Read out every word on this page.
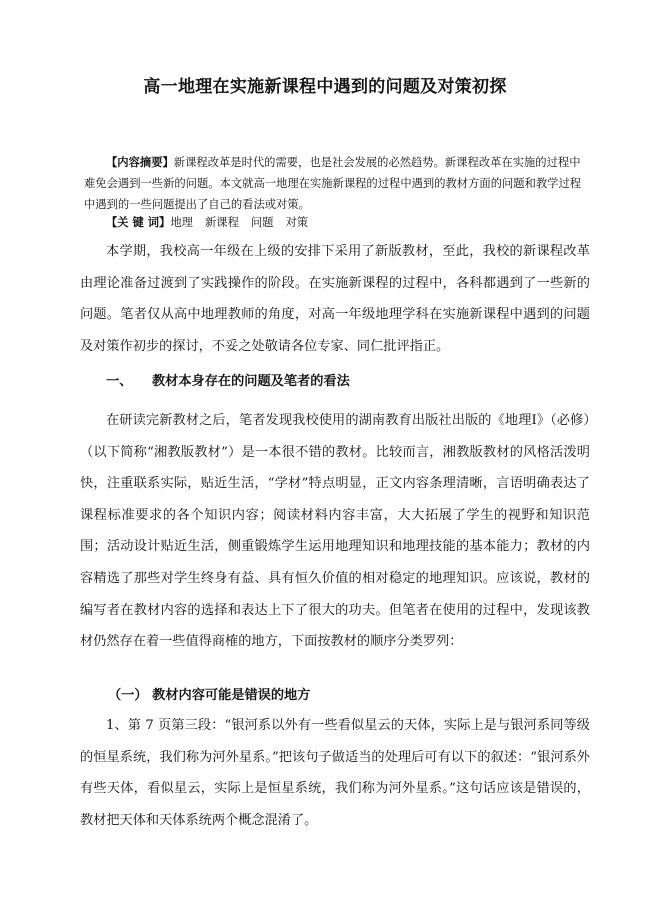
高一地理在实施新课程中遇到的问题及对策初探
【内容摘要】新课程改革是时代的需要，也是社会发展的必然趋势。新课程改革在实施的过程中难免会遇到一些新的问题。本文就高一地理在实施新课程的过程中遇到的教材方面的问题和教学过程中遇到的一些问题提出了自己的看法或对策。
【关 键 词】地理 新课程 问题 对策
本学期，我校高一年级在上级的安排下采用了新版教材，至此，我校的新课程改革由理论准备过渡到了实践操作的阶段。在实施新课程的过程中，各科都遇到了一些新的问题。笔者仅从高中地理教师的角度，对高一年级地理学科在实施新课程中遇到的问题及对策作初步的探讨，不妥之处敬请各位专家、同仁批评指正。
一、 教材本身存在的问题及笔者的看法
在研读完新教材之后，笔者发现我校使用的湖南教育出版社出版的《地理Ⅰ》（必修）（以下简称“湘教版教材”）是一本很不错的教材。比较而言，湘教版教材的风格活泼明快，注重联系实际，贴近生活，“学材”特点明显，正文内容条理清晰，言语明确表达了课程标准要求的各个知识内容；阅读材料内容丰富，大大拓展了学生的视野和知识范围；活动设计贴近生活，侧重锻炼学生运用地理知识和地理技能的基本能力；教材的内容精选了那些对学生终身有益、具有恒久价值的相对稳定的地理知识。应该说，教材的编写者在教材内容的选择和表达上下了很大的功夫。但笔者在使用的过程中，发现该教材仍然存在着一些值得商榷的地方，下面按教材的顺序分类罗列：
（一） 教材内容可能是错误的地方
1、第 7 页第三段：“银河系以外有一些看似星云的天体，实际上是与银河系同等级的恒星系统，我们称为河外星系。”把该句子做适当的处理后可有以下的叙述：“银河系外有些天体，看似星云，实际上是恒星系统，我们称为河外星系。”这句话应该是错误的，教材把天体和天体系统两个概念混淆了。
